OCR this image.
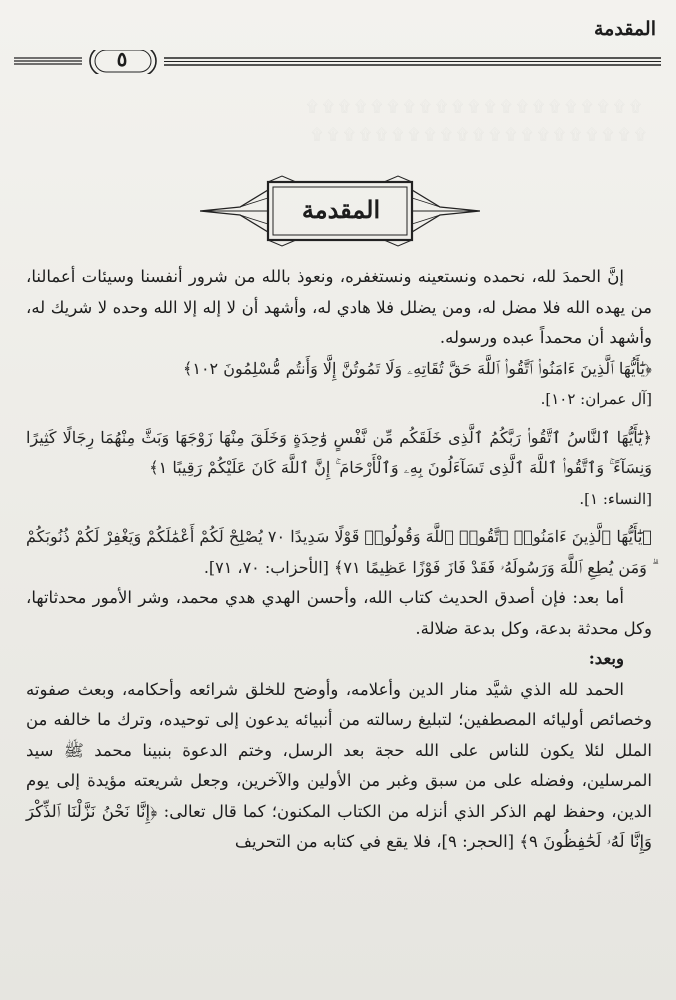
﻿ ۩ ۩ ۩ ۩ ۩ ۩ ۩ ۩ ۩ ۩ ۩ ۩ ۩ ۩ ۩ ۩ ۩ ۩ ۩ ۩ ۩
۩ ۩ ۩ ۩ ۩ ۩ ۩ ۩ ۩ ۩ ۩ ۩ ۩ ۩ ۩ ۩ ۩ ۩ ۩ ۩ ۩
المقدمة
٥
المقدمة

إنَّ الحمدَ لله، نحمده ونستعينه ونستغفره، ونعوذ بالله من شرور أنفسنا وسيئات أعمالنا، من يهده الله فلا مضل له، ومن يضلل فلا هادي له، وأشهد أن لا إله إلا الله وحده لا شريك له، وأشهد أن محمداً عبده ورسوله.

﴿يَٰٓأَيُّهَا ٱلَّذِينَ ءَامَنُوا۟ ٱتَّقُوا۟ ٱللَّهَ حَقَّ تُقَاتِهِۦ وَلَا تَمُوتُنَّ إِلَّا وَأَنتُم مُّسْلِمُونَ ١٠٢﴾

[آل عمران: ١٠٢].

﴿يَٰٓأَيُّهَا ٱلنَّاسُ ٱتَّقُوا۟ رَبَّكُمُ ٱلَّذِى خَلَقَكُم مِّن نَّفْسٍ وَٰحِدَةٍ وَخَلَقَ مِنْهَا زَوْجَهَا وَبَثَّ مِنْهُمَا رِجَالًا كَثِيرًا وَنِسَآءً ۚ وَٱتَّقُوا۟ ٱللَّهَ ٱلَّذِى تَسَآءَلُونَ بِهِۦ وَٱلْأَرْحَامَ ۚ إِنَّ ٱللَّهَ كَانَ عَلَيْكُمْ رَقِيبًا ١﴾

[النساء: ١].

﴿يَٰٓأَيُّهَا ٱلَّذِينَ ءَامَنُوا۟ ٱتَّقُوا۟ ٱللَّهَ وَقُولُوا۟ قَوْلًا سَدِيدًا ٧٠ يُصْلِحْ لَكُمْ أَعْمَٰلَكُمْ وَيَغْفِرْ لَكُمْ ذُنُوبَكُمْ ۗ وَمَن يُطِعِ ٱللَّهَ وَرَسُولَهُۥ فَقَدْ فَازَ فَوْزًا عَظِيمًا ٧١﴾ [الأحزاب: ٧٠، ٧١].

أما بعد: فإن أصدق الحديث كتاب الله، وأحسن الهدي هدي محمد، وشر الأمور محدثاتها، وكل محدثة بدعة، وكل بدعة ضلالة.

وبعد:

الحمد لله الذي شيَّد منار الدين وأعلامه، وأوضح للخلق شرائعه وأحكامه، وبعث صفوته وخصائص أوليائه المصطفين؛ لتبليغ رسالته من أنبيائه يدعون إلى توحيده، وترك ما خالفه من الملل لئلا يكون للناس على الله حجة بعد الرسل، وختم الدعوة بنبينا محمد ﷺ سيد المرسلين، وفضله على من سبق وغبر من الأولين والآخرين، وجعل شريعته مؤيدة إلى يوم الدين، وحفظ لهم الذكر الذي أنزله من الكتاب المكنون؛ كما قال تعالى: ﴿إِنَّا نَحْنُ نَزَّلْنَا ٱلذِّكْرَ وَإِنَّا لَهُۥ لَحَٰفِظُونَ ٩﴾ [الحجر: ٩]، فلا يقع في كتابه من التحريف
